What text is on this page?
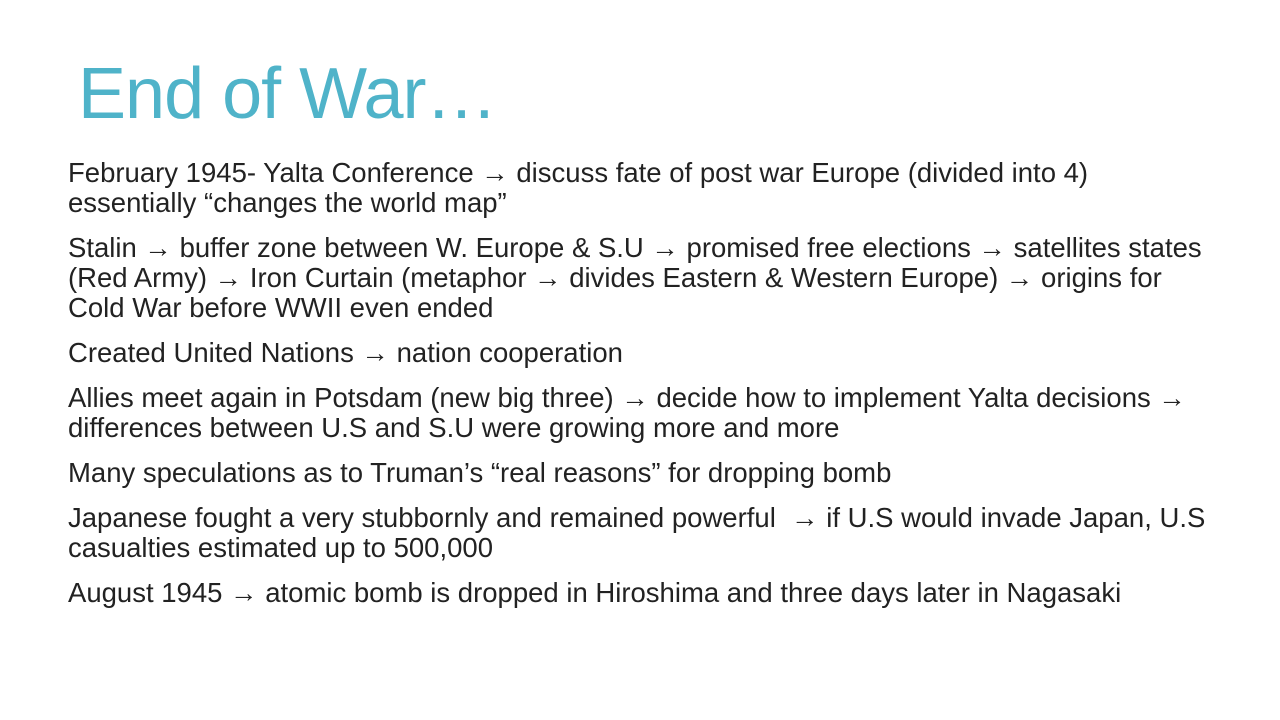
End of War…
February 1945- Yalta Conference → discuss fate of post war Europe (divided into 4) essentially “changes the world map”
Stalin → buffer zone between W. Europe & S.U → promised free elections → satellites states (Red Army) → Iron Curtain (metaphor → divides Eastern & Western Europe) → origins for Cold War before WWII even ended
Created United Nations → nation cooperation
Allies meet again in Potsdam (new big three) → decide how to implement Yalta decisions → differences between U.S and S.U were growing more and more
Many speculations as to Truman’s “real reasons” for dropping bomb
Japanese fought a very stubbornly and remained powerful  → if U.S would invade Japan, U.S casualties estimated up to 500,000
August 1945 → atomic bomb is dropped in Hiroshima and three days later in Nagasaki
